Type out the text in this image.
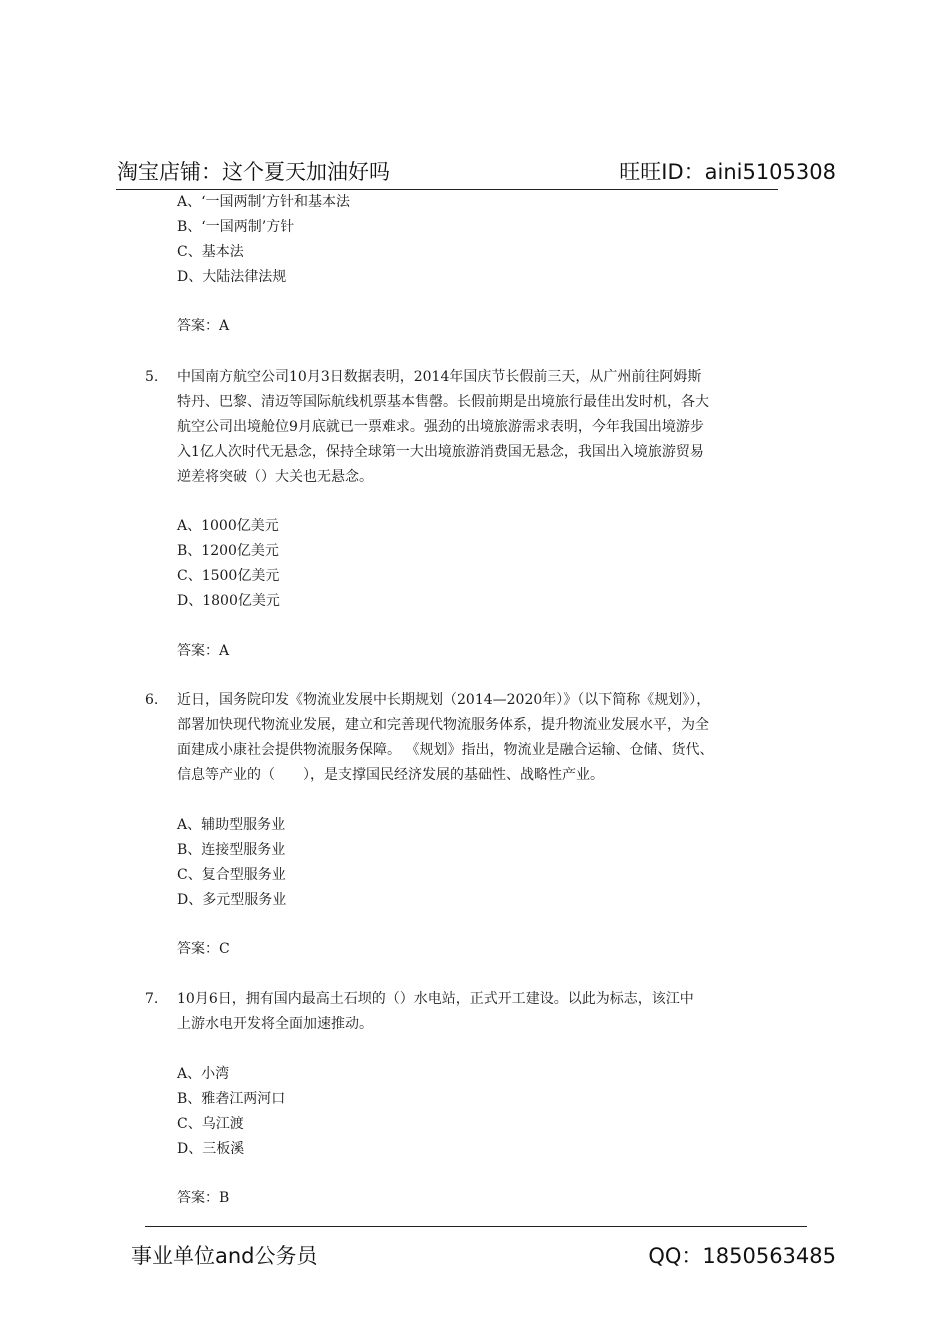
淘宝店铺：这个夏天加油好吗	旺旺ID：aini5105308
A、‘一国两制’方针和基本法
B、‘一国两制’方针
C、基本法
D、大陆法律法规
答案：A
5. 中国南方航空公司10月3日数据表明，2014年国庆节长假前三天，从广州前往阿姆斯
特丹、巴黎、清迈等国际航线机票基本售罄。长假前期是出境旅行最佳出发时机，各大
航空公司出境舱位9月底就已一票难求。强劲的出境旅游需求表明，今年我国出境游步
入1亿人次时代无悬念，保持全球第一大出境旅游消费国无悬念，我国出入境旅游贸易
逆差将突破（）大关也无悬念。
A、1000亿美元
B、1200亿美元
C、1500亿美元
D、1800亿美元
答案：A
6. 近日，国务院印发《物流业发展中长期规划（2014—2020年）》（以下简称《规划》），
部署加快现代物流业发展，建立和完善现代物流服务体系，提升物流业发展水平，为全
面建成小康社会提供物流服务保障。 《规划》指出，物流业是融合运输、仓储、货代、
信息等产业的（　　），是支撑国民经济发展的基础性、战略性产业。
A、辅助型服务业
B、连接型服务业
C、复合型服务业
D、多元型服务业
答案：C
7. 10月6日，拥有国内最高土石坝的（）水电站，正式开工建设。以此为标志，该江中
上游水电开发将全面加速推动。
A、小湾
B、雅砻江两河口
C、乌江渡
D、三板溪
答案：B
事业单位and公务员	QQ：1850563485
